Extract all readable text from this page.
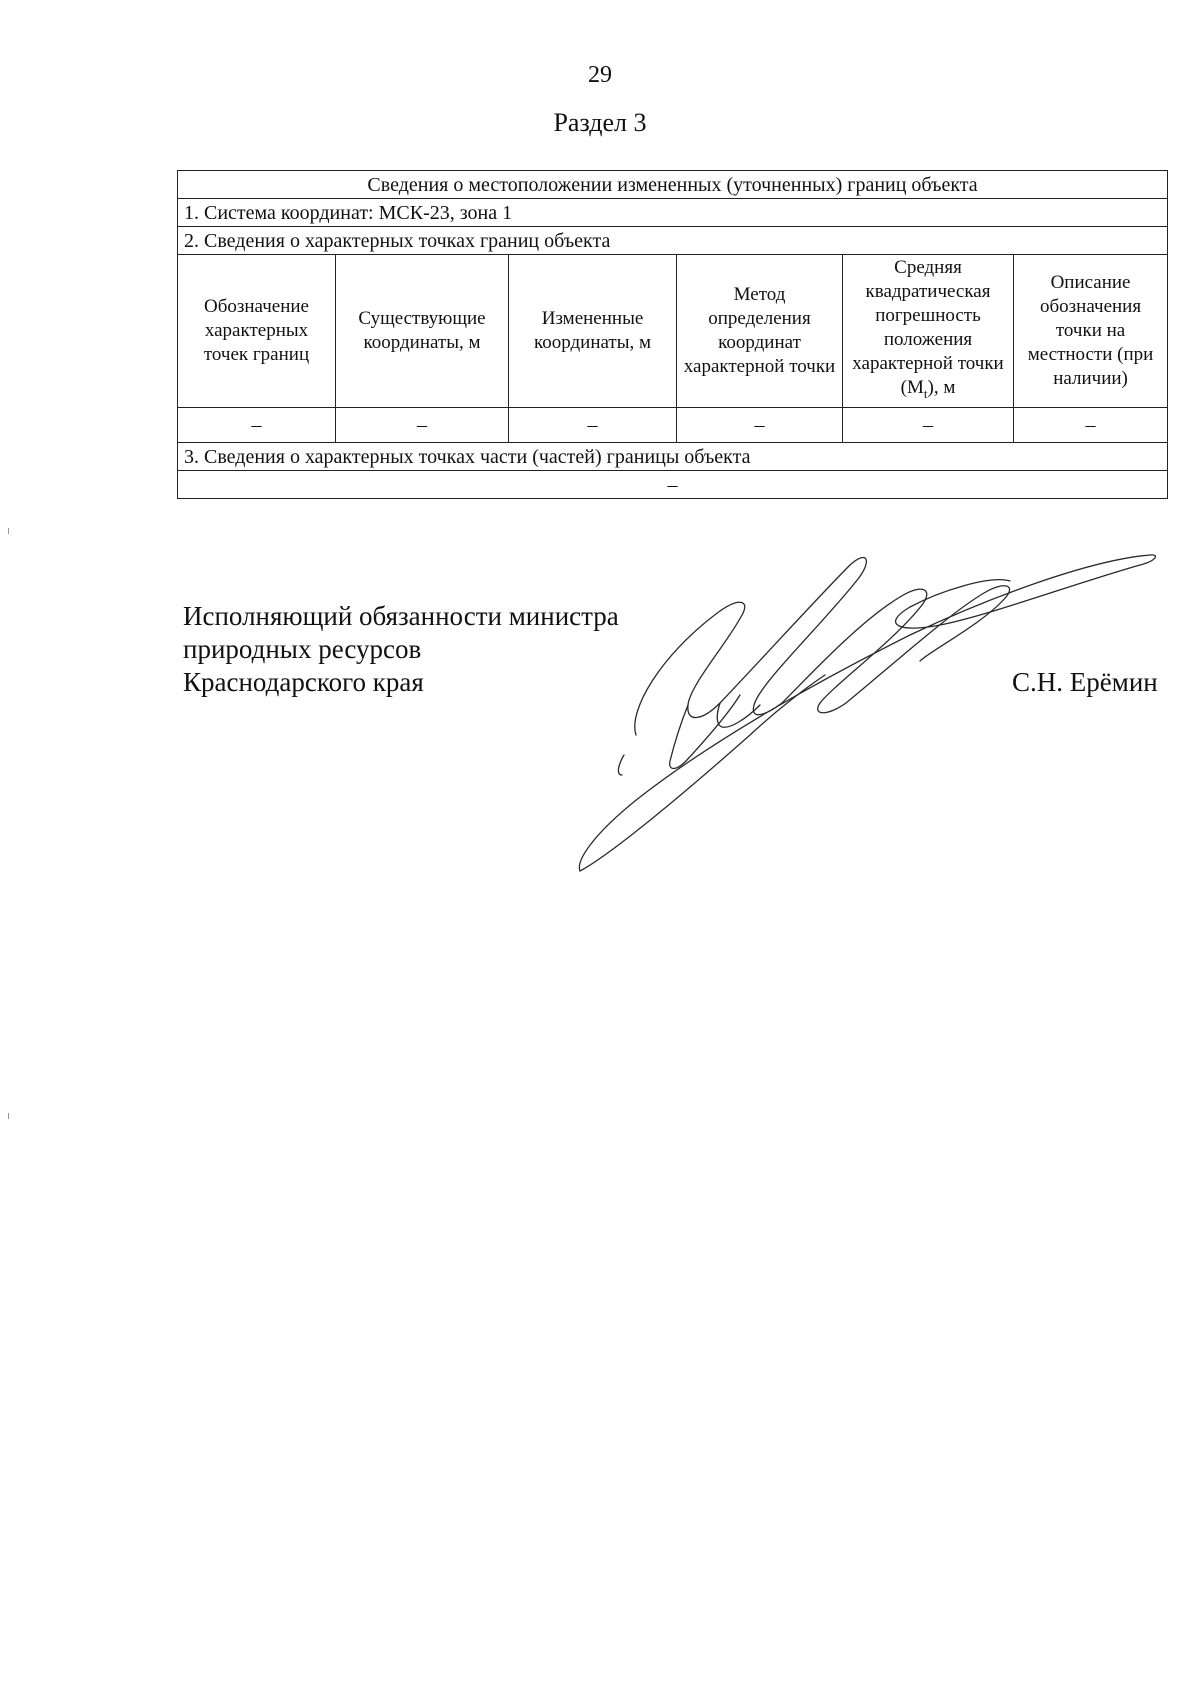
29
Раздел 3
Сведения о местоположении измененных (уточненных) границ объекта					
1. Система координат: МСК-23, зона 1					
2. Сведения о характерных точках границ объекта					
Обозначение характерных точек границ	Существующие координаты, м	Измененные координаты, м	Метод определения координат характерной точки	Средняя квадратическая погрешность положения характерной точки $(M_t)$, м	Описание обозначения точки на местности (при наличии)
–	–	–	–	–	–
3. Сведения о характерных точках части (частей) границы объекта					
–					
Исполняющий обязанности министра
природных ресурсов
Краснодарского края	С.Н. Ерёмин
